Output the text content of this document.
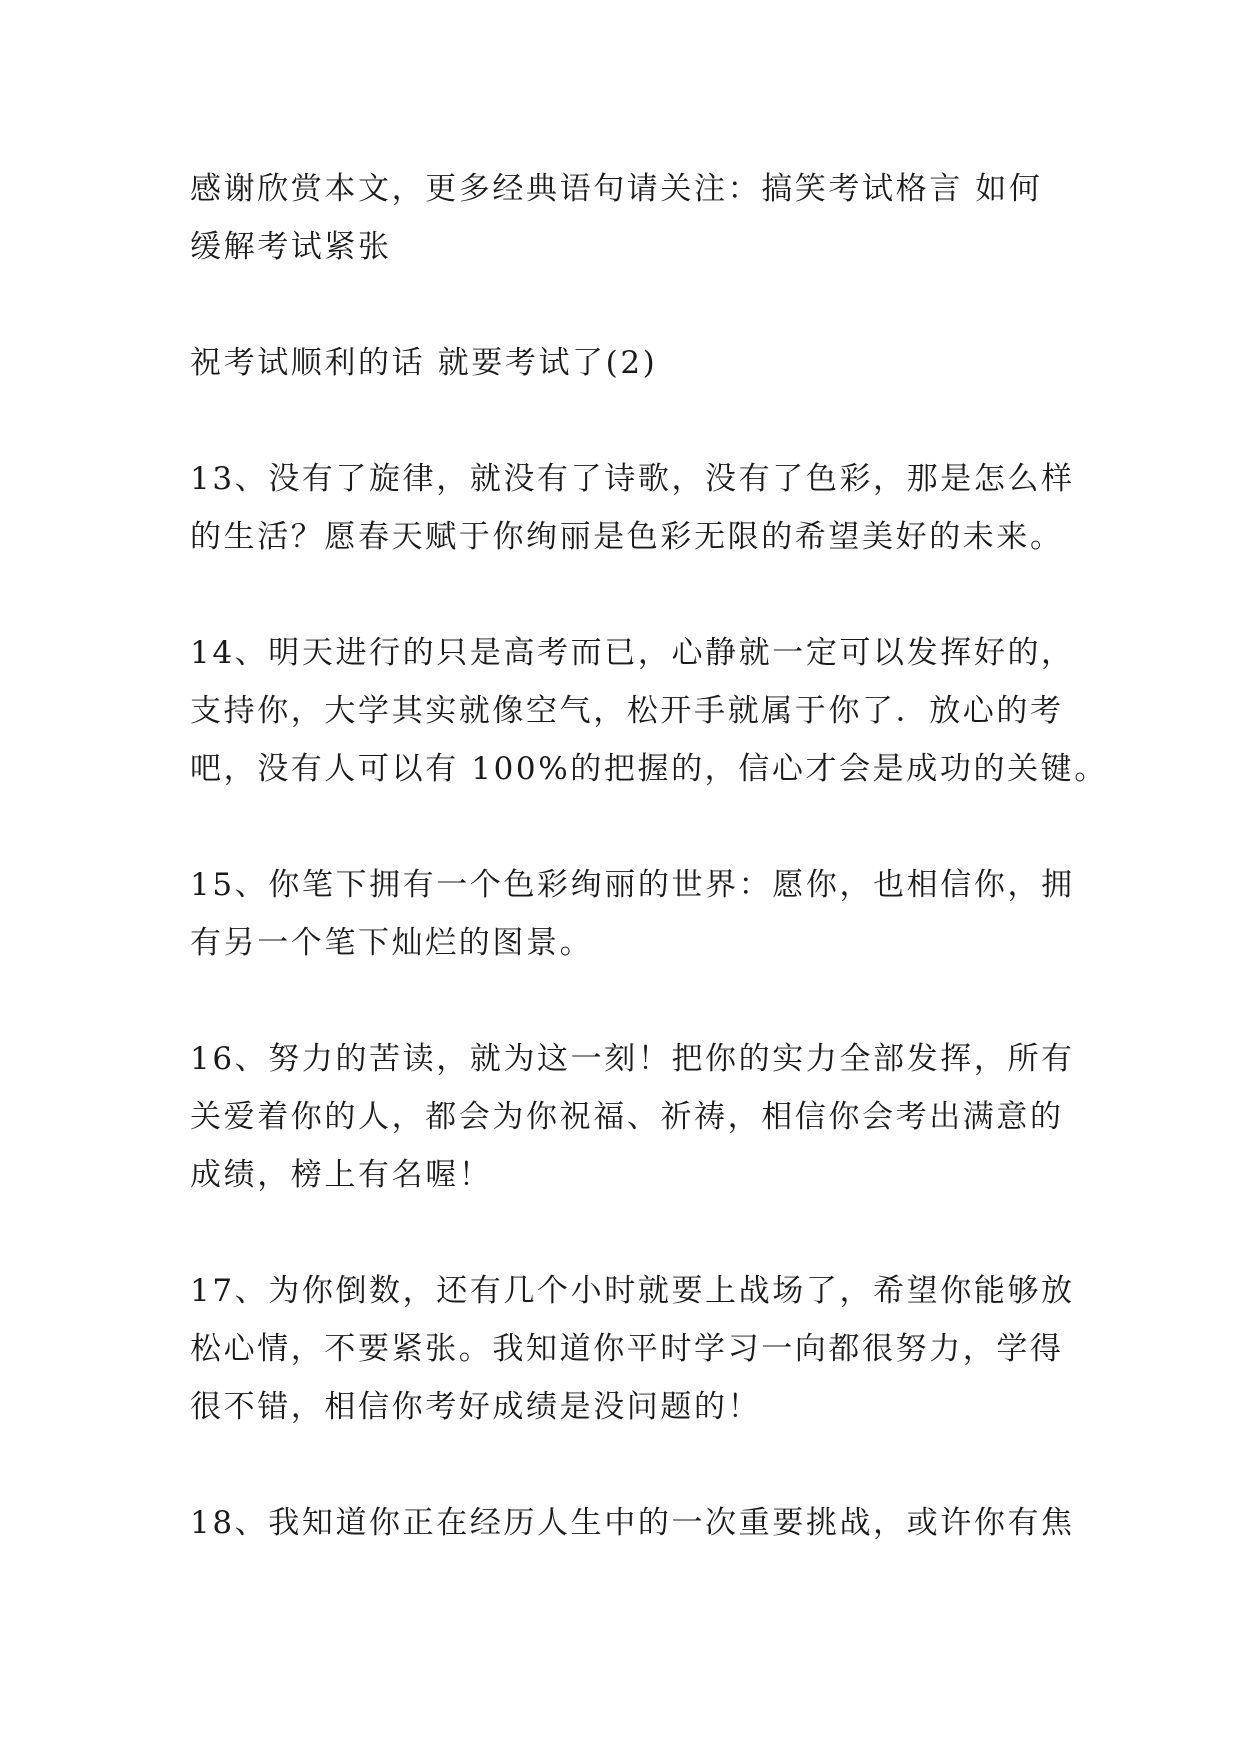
感谢欣赏本文，更多经典语句请关注：搞笑考试格言 如何
缓解考试紧张
祝考试顺利的话 就要考试了(2)
13、没有了旋律，就没有了诗歌，没有了色彩，那是怎么样
的生活？愿春天赋于你绚丽是色彩无限的希望美好的未来。
14、明天进行的只是高考而已，心静就一定可以发挥好的，
支持你，大学其实就像空气，松开手就属于你了．放心的考
吧，没有人可以有 100%的把握的，信心才会是成功的关键。
15、你笔下拥有一个色彩绚丽的世界：愿你，也相信你，拥
有另一个笔下灿烂的图景。
16、努力的苦读，就为这一刻！把你的实力全部发挥，所有
关爱着你的人，都会为你祝福、祈祷，相信你会考出满意的
成绩，榜上有名喔！
17、为你倒数，还有几个小时就要上战场了，希望你能够放
松心情，不要紧张。我知道你平时学习一向都很努力，学得
很不错，相信你考好成绩是没问题的！
18、我知道你正在经历人生中的一次重要挑战，或许你有焦
